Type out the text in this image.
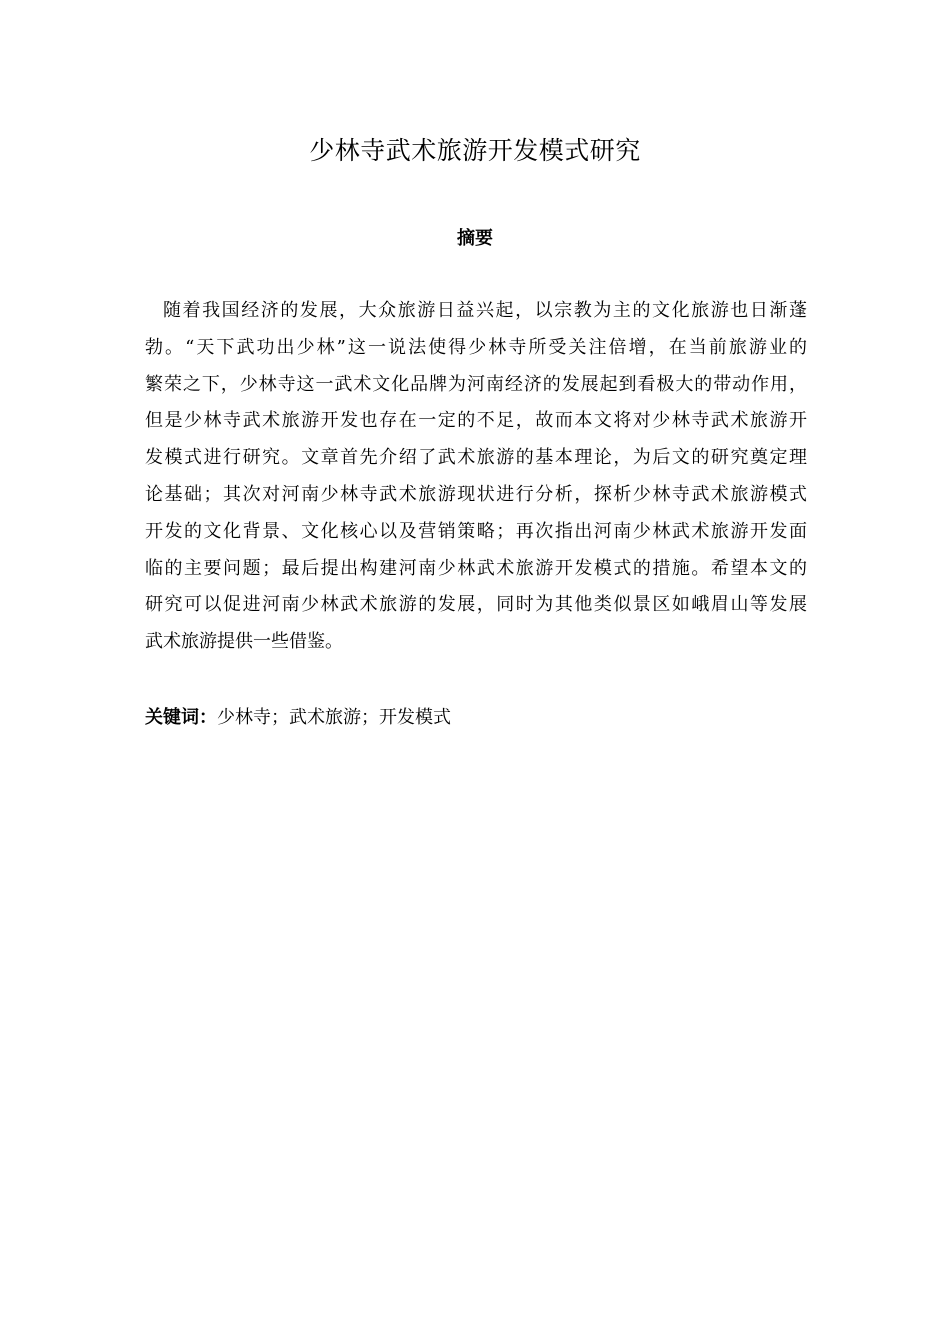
少林寺武术旅游开发模式研究
摘要
随着我国经济的发展，大众旅游日益兴起，以宗教为主的文化旅游也日渐蓬
勃。“天下武功出少林”这一说法使得少林寺所受关注倍增，在当前旅游业的
繁荣之下，少林寺这一武术文化品牌为河南经济的发展起到看极大的带动作用，
但是少林寺武术旅游开发也存在一定的不足，故而本文将对少林寺武术旅游开
发模式进行研究。文章首先介绍了武术旅游的基本理论，为后文的研究奠定理
论基础；其次对河南少林寺武术旅游现状进行分析，探析少林寺武术旅游模式
开发的文化背景、文化核心以及营销策略；再次指出河南少林武术旅游开发面
临的主要问题；最后提出构建河南少林武术旅游开发模式的措施。希望本文的
研究可以促进河南少林武术旅游的发展，同时为其他类似景区如峨眉山等发展
武术旅游提供一些借鉴。

关键词：少林寺；武术旅游；开发模式
